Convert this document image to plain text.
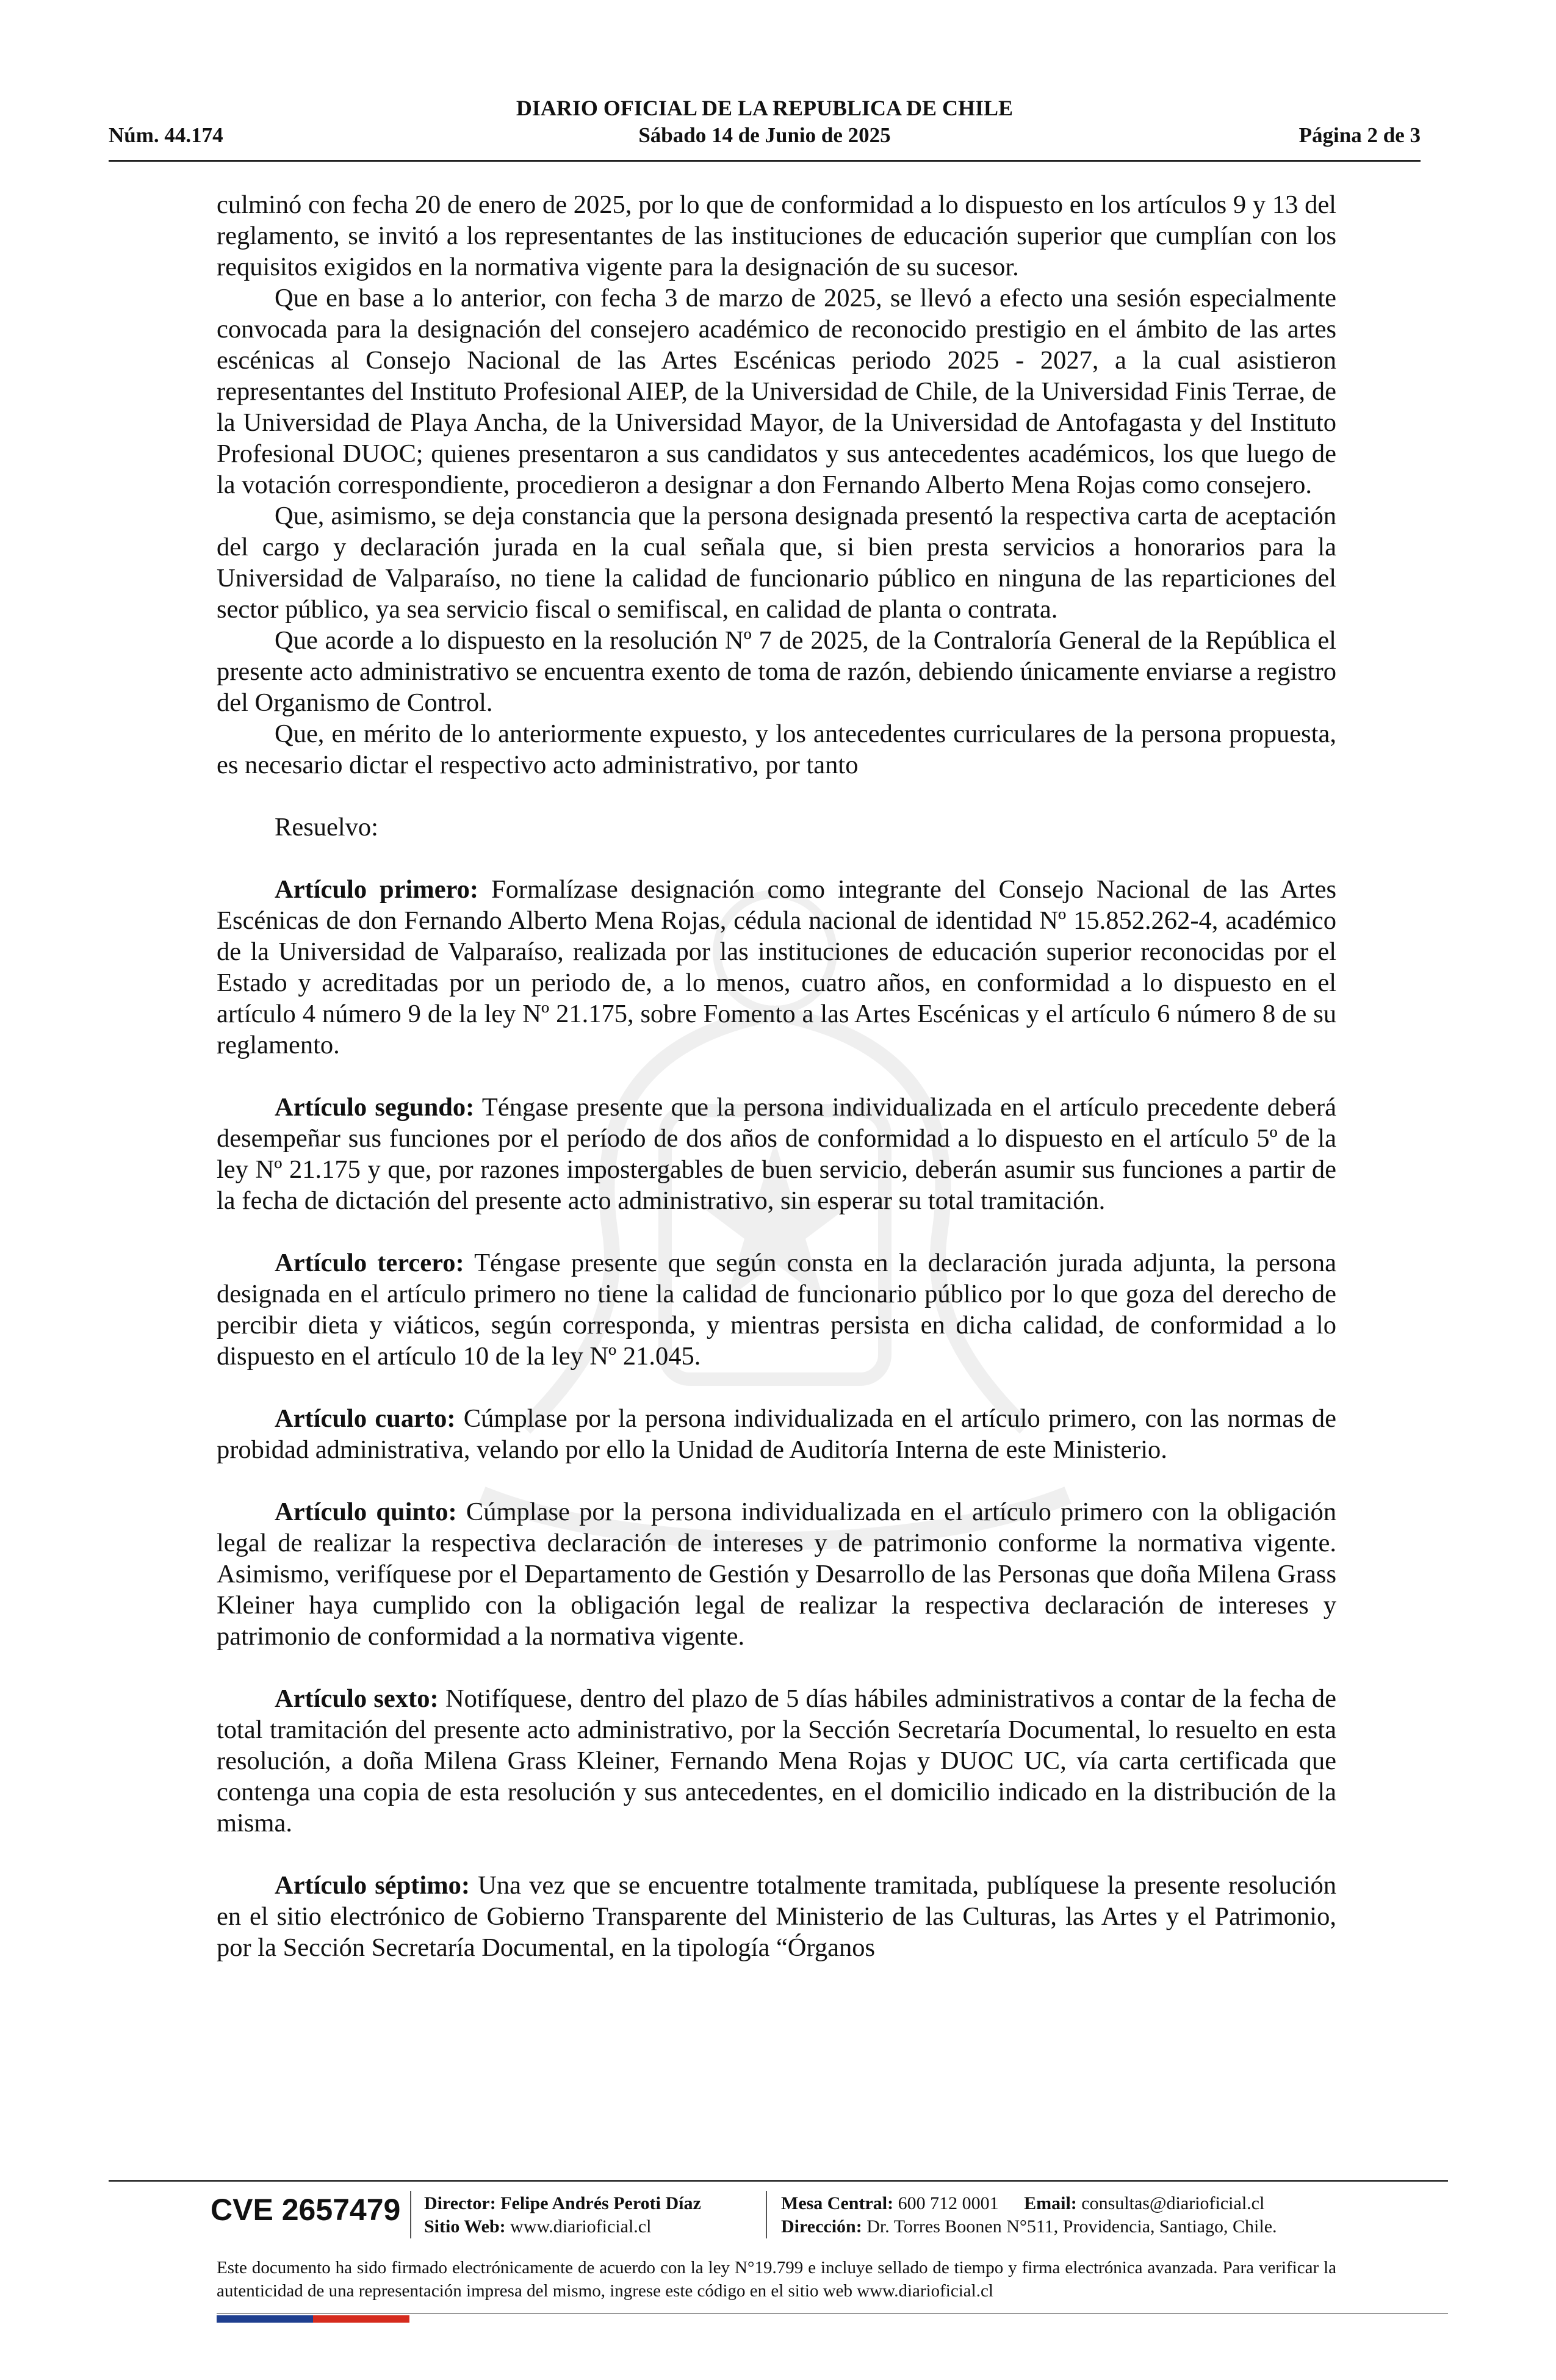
DIARIO OFICIAL DE LA REPUBLICA DE CHILE
Núm. 44.174	Sábado 14 de Junio de 2025	Página 2 de 3

culminó con fecha 20 de enero de 2025, por lo que de conformidad a lo dispuesto en los artículos 9 y 13 del reglamento, se invitó a los representantes de las instituciones de educación superior que cumplían con los requisitos exigidos en la normativa vigente para la designación de su sucesor.

Que en base a lo anterior, con fecha 3 de marzo de 2025, se llevó a efecto una sesión especialmente convocada para la designación del consejero académico de reconocido prestigio en el ámbito de las artes escénicas al Consejo Nacional de las Artes Escénicas periodo 2025 - 2027, a la cual asistieron representantes del Instituto Profesional AIEP, de la Universidad de Chile, de la Universidad Finis Terrae, de la Universidad de Playa Ancha, de la Universidad Mayor, de la Universidad de Antofagasta y del Instituto Profesional DUOC; quienes presentaron a sus candidatos y sus antecedentes académicos, los que luego de la votación correspondiente, procedieron a designar a don Fernando Alberto Mena Rojas como consejero.

Que, asimismo, se deja constancia que la persona designada presentó la respectiva carta de aceptación del cargo y declaración jurada en la cual señala que, si bien presta servicios a honorarios para la Universidad de Valparaíso, no tiene la calidad de funcionario público en ninguna de las reparticiones del sector público, ya sea servicio fiscal o semifiscal, en calidad de planta o contrata.

Que acorde a lo dispuesto en la resolución Nº 7 de 2025, de la Contraloría General de la República el presente acto administrativo se encuentra exento de toma de razón, debiendo únicamente enviarse a registro del Organismo de Control.

Que, en mérito de lo anteriormente expuesto, y los antecedentes curriculares de la persona propuesta, es necesario dictar el respectivo acto administrativo, por tanto

Resuelvo:

Artículo primero: Formalízase designación como integrante del Consejo Nacional de las Artes Escénicas de don Fernando Alberto Mena Rojas, cédula nacional de identidad Nº 15.852.262-4, académico de la Universidad de Valparaíso, realizada por las instituciones de educación superior reconocidas por el Estado y acreditadas por un periodo de, a lo menos, cuatro años, en conformidad a lo dispuesto en el artículo 4 número 9 de la ley Nº 21.175, sobre Fomento a las Artes Escénicas y el artículo 6 número 8 de su reglamento.

Artículo segundo: Téngase presente que la persona individualizada en el artículo precedente deberá desempeñar sus funciones por el período de dos años de conformidad a lo dispuesto en el artículo 5º de la ley Nº 21.175 y que, por razones impostergables de buen servicio, deberán asumir sus funciones a partir de la fecha de dictación del presente acto administrativo, sin esperar su total tramitación.

Artículo tercero: Téngase presente que según consta en la declaración jurada adjunta, la persona designada en el artículo primero no tiene la calidad de funcionario público por lo que goza del derecho de percibir dieta y viáticos, según corresponda, y mientras persista en dicha calidad, de conformidad a lo dispuesto en el artículo 10 de la ley Nº 21.045.

Artículo cuarto: Cúmplase por la persona individualizada en el artículo primero, con las normas de probidad administrativa, velando por ello la Unidad de Auditoría Interna de este Ministerio.

Artículo quinto: Cúmplase por la persona individualizada en el artículo primero con la obligación legal de realizar la respectiva declaración de intereses y de patrimonio conforme la normativa vigente. Asimismo, verifíquese por el Departamento de Gestión y Desarrollo de las Personas que doña Milena Grass Kleiner haya cumplido con la obligación legal de realizar la respectiva declaración de intereses y patrimonio de conformidad a la normativa vigente.

Artículo sexto: Notifíquese, dentro del plazo de 5 días hábiles administrativos a contar de la fecha de total tramitación del presente acto administrativo, por la Sección Secretaría Documental, lo resuelto en esta resolución, a doña Milena Grass Kleiner, Fernando Mena Rojas y DUOC UC, vía carta certificada que contenga una copia de esta resolución y sus antecedentes, en el domicilio indicado en la distribución de la misma.

Artículo séptimo: Una vez que se encuentre totalmente tramitada, publíquese la presente resolución en el sitio electrónico de Gobierno Transparente del Ministerio de las Culturas, las Artes y el Patrimonio, por la Sección Secretaría Documental, en la tipología “Órganos

CVE 2657479 Director: Felipe Andrés Peroti Díaz
Sitio Web: www.diarioficial.cl
Mesa Central: 600 712 0001 Email: consultas@diarioficial.cl
Dirección: Dr. Torres Boonen N°511, Providencia, Santiago, Chile.
Este documento ha sido firmado electrónicamente de acuerdo con la ley N°19.799 e incluye sellado de tiempo y firma electrónica avanzada. Para verificar la autenticidad de una representación impresa del mismo, ingrese este código en el sitio web www.diarioficial.cl
